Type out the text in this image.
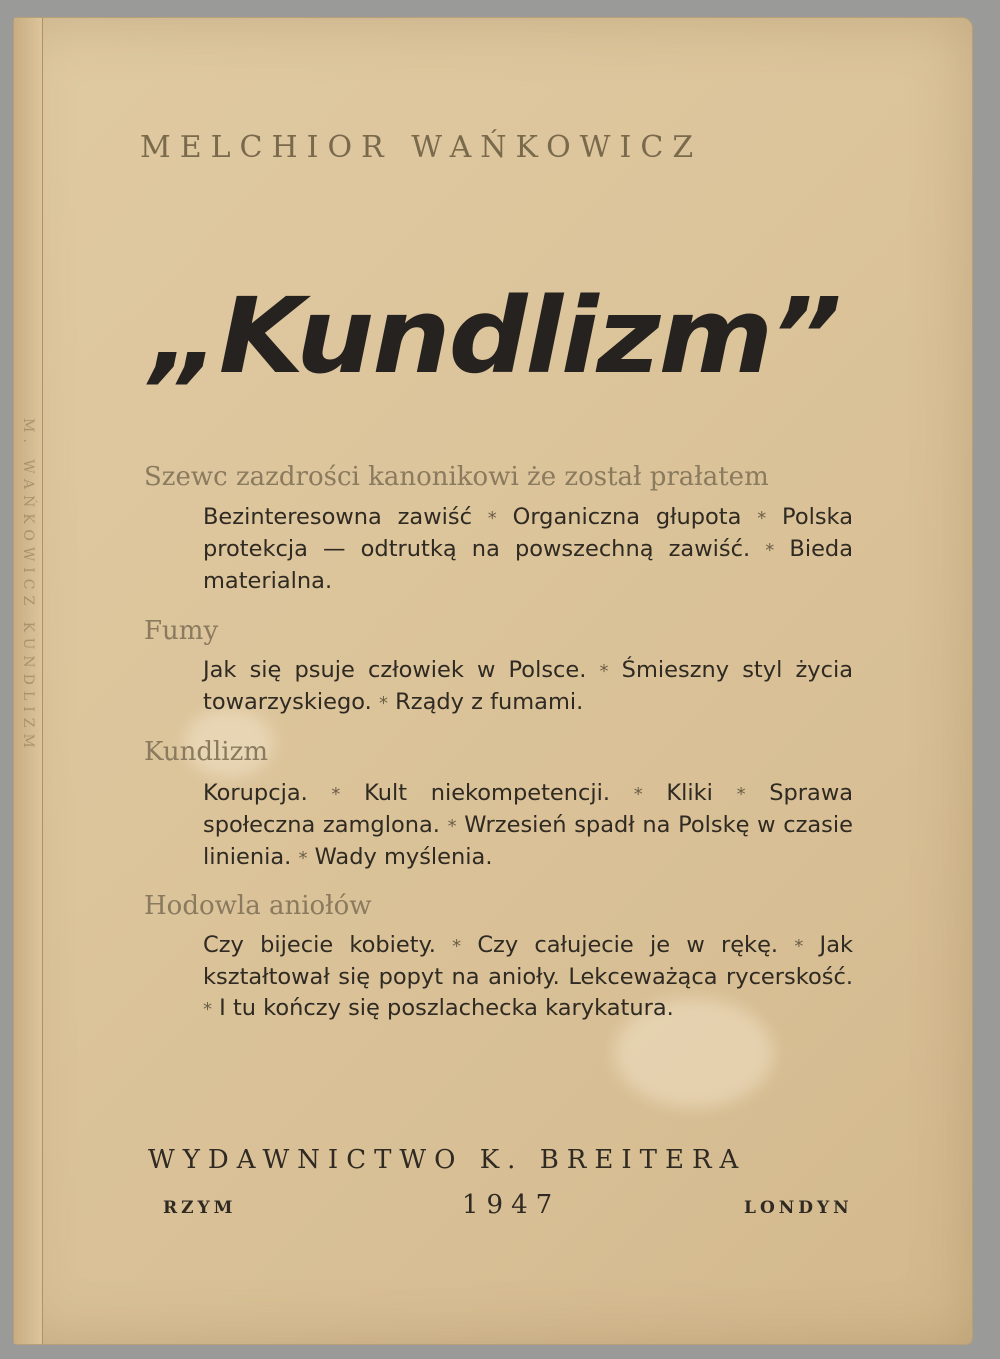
M. WAŃKOWICZ KUNDLIZM
MELCHIOR WAŃKOWICZ
„Kundlizm”
Szewc zazdrości kanonikowi że został prałatem
Bezinteresowna zawiść * Organiczna głupota * Polska protekcja — odtrutką na powszechną zawiść. * Bieda materialna.
Fumy
Jak się psuje człowiek w Polsce. * Śmieszny styl życia towarzyskiego. * Rządy z fumami.
Kundlizm
Korupcja. * Kult niekompetencji. * Kliki * Sprawa społeczna zamglona. * Wrzesień spadł na Polskę w czasie linienia. * Wady myślenia.
Hodowla aniołów
Czy bijecie kobiety. * Czy całujecie je w rękę. * Jak kształtował się popyt na anioły. Lekceważąca rycerskość. * I tu kończy się poszlachecka karykatura.
WYDAWNICTWO K. BREITERA
RZYM	1947	LONDYN
